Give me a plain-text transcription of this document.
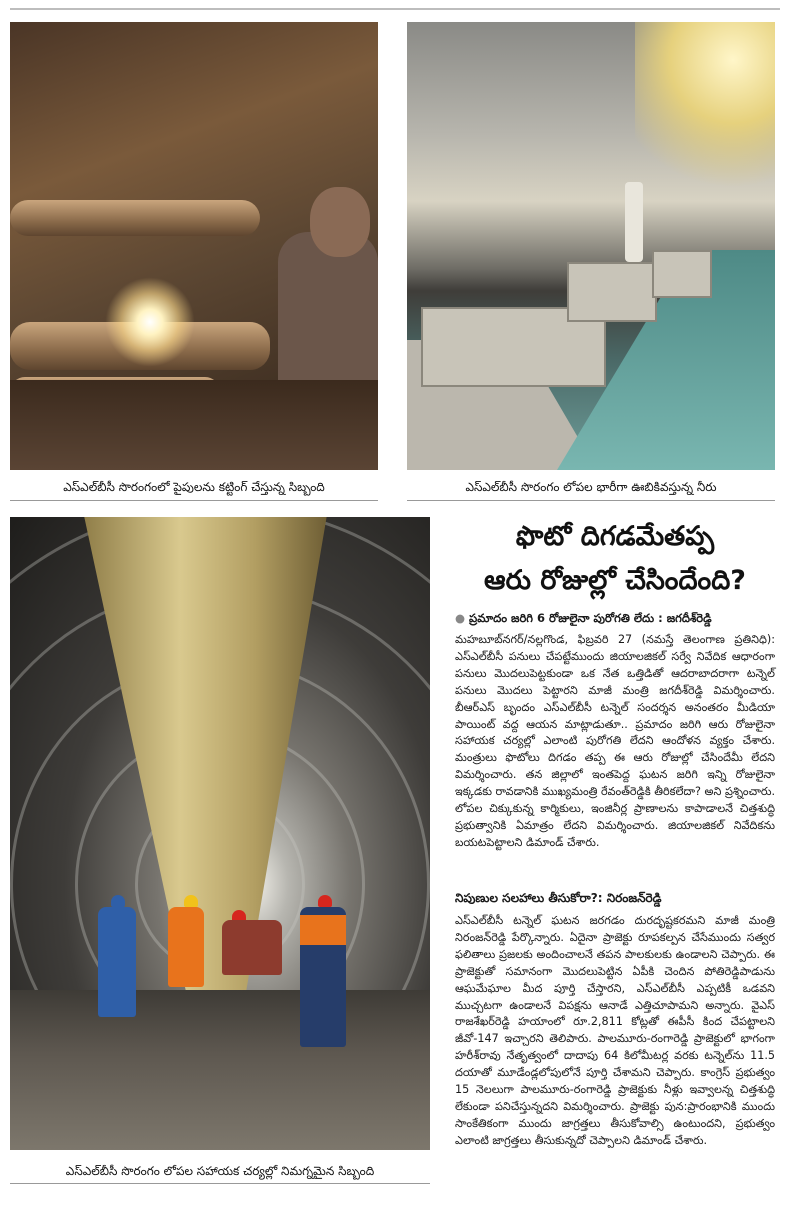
ఎస్‌ఎల్‌బీసీ సొరంగంలో పైపులను కట్టింగ్ చేస్తున్న సిబ్బంది	ఎస్‌ఎల్‌బీసీ సొరంగం లోపల భారీగా ఊబికివస్తున్న నీరు
ఎస్‌ఎల్‌బీసీ సొరంగం లోపల సహాయక చర్యల్లో నిమగ్నమైన సిబ్బంది
ఫొటో దిగడమేతప్ప
ఆరు రోజుల్లో చేసిందేంది?
● ప్రమాదం జరిగి 6 రోజులైనా పురోగతి లేదు : జగదీశ్‌రెడ్డి
మహబూబ్‌నగర్/నల్లగొండ, ఫిబ్రవరి 27 (నమస్తే తెలంగాణ ప్రతినిధి): ఎస్‌ఎల్‌బీసీ పనులు చేపట్టేముందు జియాలజికల్ సర్వే నివేదిక ఆధారంగా పనులు మొదలుపెట్టకుండా ఒక నేత ఒత్తిడితో ఆదరాబాదరాగా టన్నెల్ పనులు మొదలు పెట్టారని మాజీ మంత్రి జగదీశ్‌రెడ్డి విమర్శించారు. బీఆర్‌ఎస్ బృందం ఎస్‌ఎల్‌బీసీ టన్నెల్ సందర్శన అనంతరం మీడియా పాయింట్ వద్ద ఆయన మాట్లాడుతూ.. ప్రమాదం జరిగి ఆరు రోజులైనా సహాయక చర్యల్లో ఎలాంటి పురోగతి లేదని ఆందోళన వ్యక్తం చేశారు. మంత్రులు ఫొటోలు దిగడం తప్ప ఈ ఆరు రోజుల్లో చేసిందేమీ లేదని విమర్శించారు. తన జిల్లాలో ఇంతపెద్ద ఘటన జరిగి ఇన్ని రోజులైనా ఇక్కడకు రావడానికి ముఖ్యమంత్రి రేవంత్‌రెడ్డికి తీరికలేదా? అని ప్రశ్నించారు. లోపల చిక్కుకున్న కార్మికులు, ఇంజినీర్ల ప్రాణాలను కాపాడాలనే చిత్తశుద్ధి ప్రభుత్వానికి ఏమాత్రం లేదని విమర్శించారు. జియాలజికల్ నివేదికను బయటపెట్టాలని డిమాండ్ చేశారు.
నిపుణుల సలహాలు తీసుకోరా?: నిరంజన్‌రెడ్డి
ఎస్‌ఎల్‌బీసీ టన్నెల్ ఘటన జరగడం దురదృష్టకరమని మాజీ మంత్రి నిరంజన్‌రెడ్డి పేర్కొన్నారు. ఏదైనా ప్రాజెక్టు రూపకల్పన చేసేముందు సత్వర ఫలితాలు ప్రజలకు అందించాలనే తపన పాలకులకు ఉండాలని చెప్పారు. ఈ ప్రాజెక్టుతో సమానంగా మొదలుపెట్టిన ఏపీకి చెందిన పోతిరెడ్డిపాడును ఆఘమేఘాల మీద పూర్తి చేస్తారని, ఎస్‌ఎల్‌బీసీ ఎప్పటికీ ఒడవని ముచ్చటగా ఉండాలనే విపక్షను ఆనాడే ఎత్తిచూపామని అన్నారు. వైఎస్ రాజశేఖర్‌రెడ్డి హయాంలో రూ.2,811 కోట్లతో ఈపీసీ కింద చేపట్టాలని జీవో-147 ఇచ్చారని తెలిపారు. పాలమూరు-రంగారెడ్డి ప్రాజెక్టులో భాగంగా హరీశ్‌రావు నేతృత్వంలో దాదాపు 64 కిలోమీటర్ల వరకు టన్నెల్‌ను 11.5 దయాతో మూడేండ్లలోపులోనే పూర్తి చేశామని చెప్పారు. కాంగ్రెస్ ప్రభుత్వం 15 నెలలుగా పాలమూరు-రంగారెడ్డి ప్రాజెక్టుకు నీళ్లు ఇవ్వాలన్న చిత్తశుద్ధి లేకుండా పనిచేస్తున్నదని విమర్శించారు. ప్రాజెక్టు పున:ప్రారంభానికి ముందు సాంకేతికంగా ముందు జాగ్రత్తలు తీసుకోవాల్సి ఉంటుందని, ప్రభుత్వం ఎలాంటి జాగ్రత్తలు తీసుకున్నదో చెప్పాలని డిమాండ్ చేశారు.
